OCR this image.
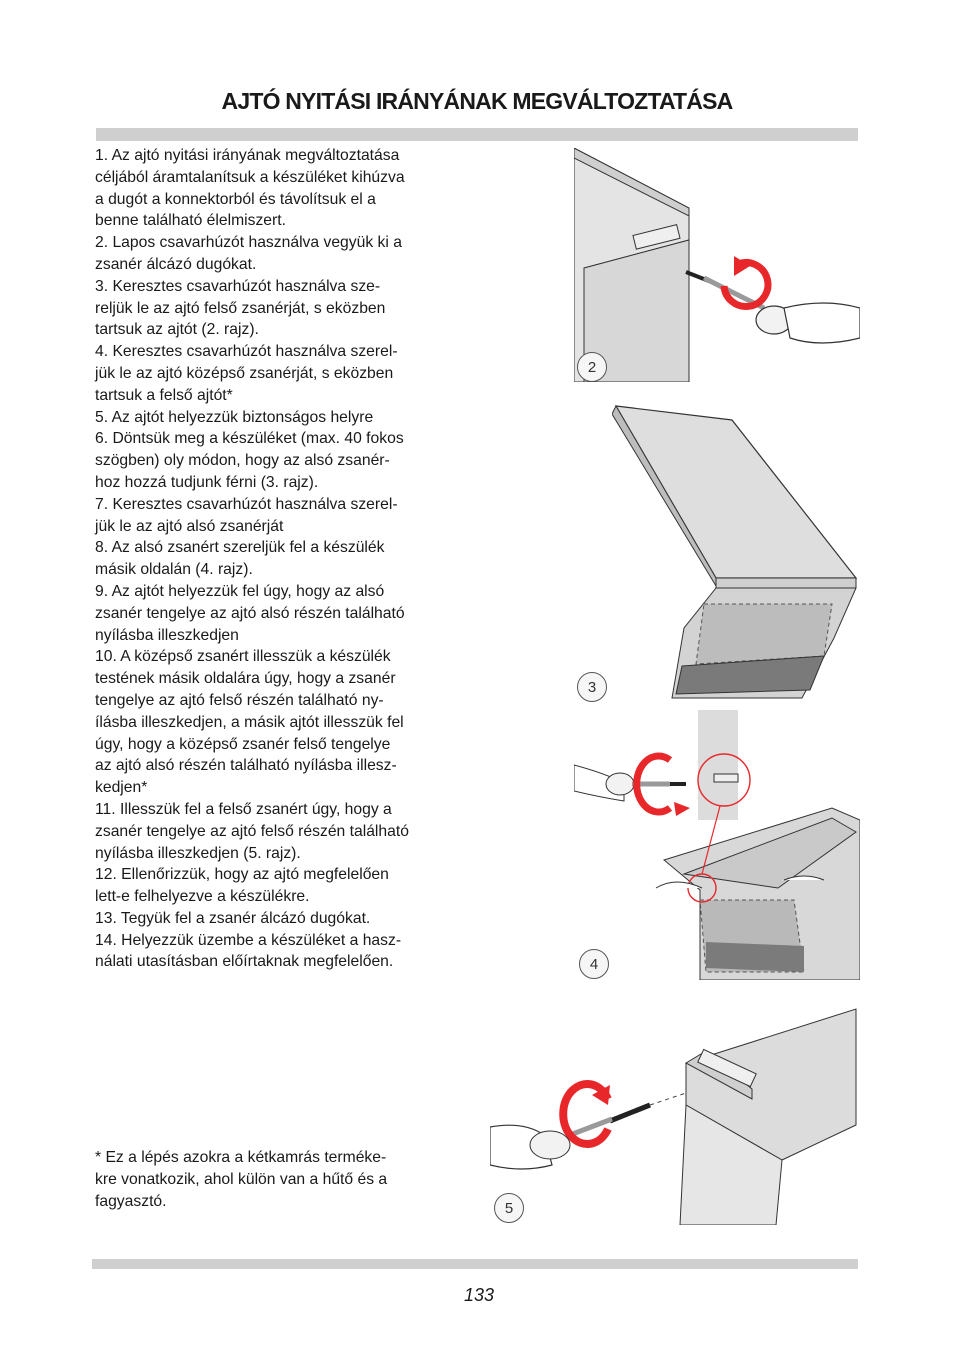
AJTÓ NYITÁSI IRÁNYÁNAK MEGVÁLTOZTATÁSA
1. Az ajtó nyitási irányának megváltoztatása
céljából áramtalanítsuk a készüléket kihúzva
a dugót a konnektorból és távolítsuk el a
benne található élelmiszert.
2. Lapos csavarhúzót használva vegyük ki a
zsanér álcázó dugókat.
3. Keresztes csavarhúzót használva sze-
reljük le az ajtó felső zsanérját, s eközben
tartsuk az ajtót (2. rajz).
4. Keresztes csavarhúzót használva szerel-
jük le az ajtó középső zsanérját, s eközben
tartsuk a felső ajtót*
5. Az ajtót helyezzük biztonságos helyre
6. Döntsük meg a készüléket (max. 40 fokos
szögben) oly módon, hogy az alsó zsanér-
hoz hozzá tudjunk férni (3. rajz).
7. Keresztes csavarhúzót használva szerel-
jük le az ajtó alsó zsanérját
8. Az alsó zsanért szereljük fel a készülék
másik oldalán (4. rajz).
9. Az ajtót helyezzük fel úgy, hogy az alsó
zsanér tengelye az ajtó alsó részén található
nyílásba illeszkedjen
10. A középső zsanért illesszük a készülék
testének másik oldalára úgy, hogy a zsanér
tengelye az ajtó felső részén található ny-
ílásba illeszkedjen, a másik ajtót illesszük fel
úgy, hogy a középső zsanér felső tengelye
az ajtó alsó részén található nyílásba illesz-
kedjen*
11. Illesszük fel a felső zsanért úgy, hogy a
zsanér tengelye az ajtó felső részén található
nyílásba illeszkedjen (5. rajz).
12. Ellenőrizzük, hogy az ajtó megfelelően
lett-e felhelyezve a készülékre.
13. Tegyük fel a zsanér álcázó dugókat.
14. Helyezzük üzembe a készüléket a hasz-
nálati utasításban előírtaknak megfelelően.
* Ez a lépés azokra a kétkamrás terméke-
kre vonatkozik, ahol külön van a hűtő és a
fagyasztó.
2
3
4
5
133
